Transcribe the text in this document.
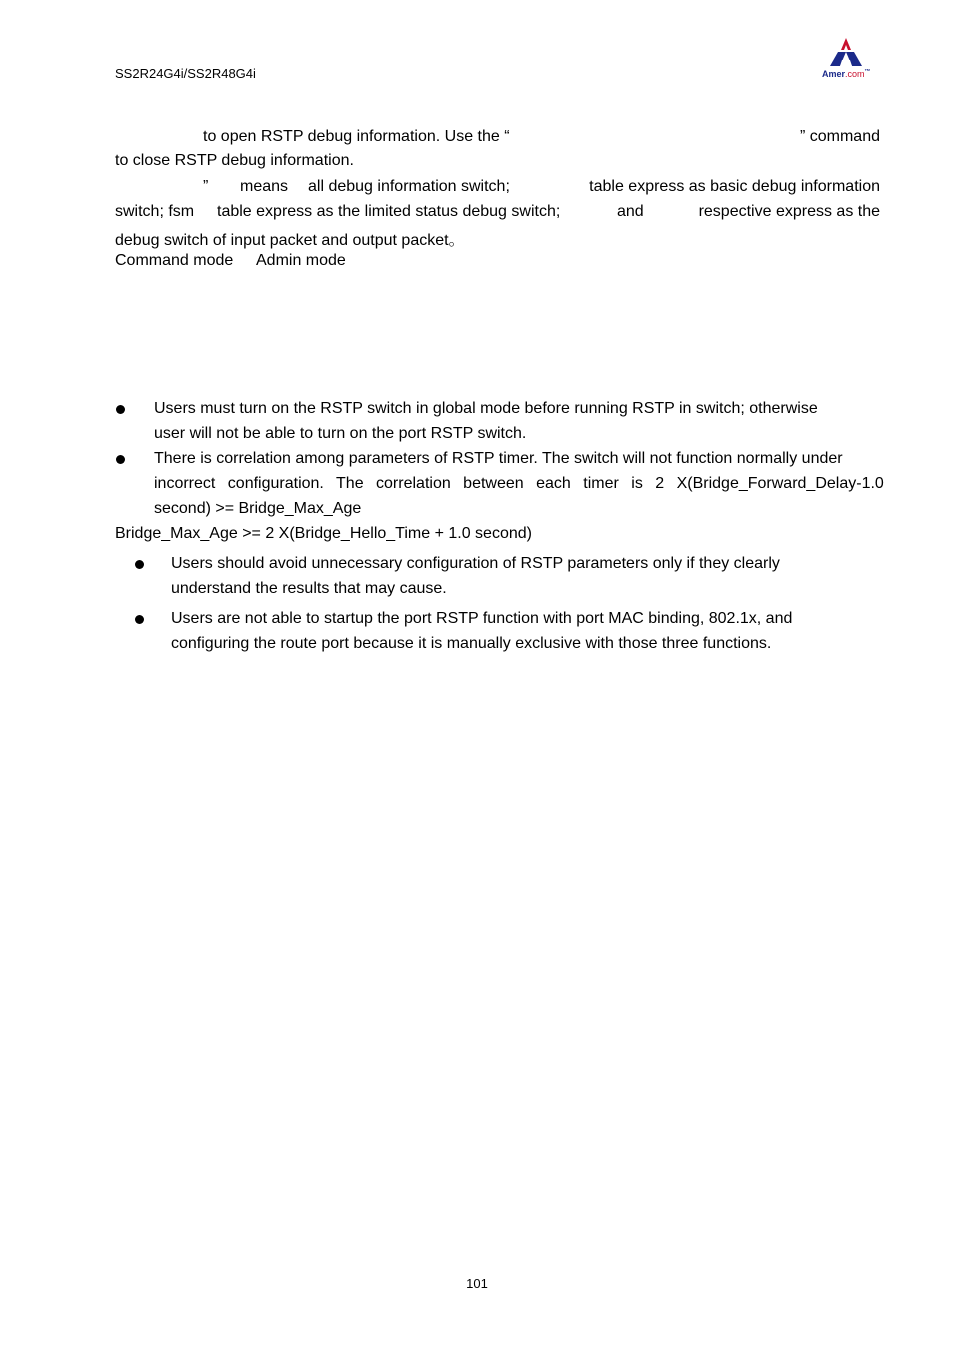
SS2R24G4i/SS2R48G4i	Amer.com™
to open RSTP debug information. Use the “	” command
to close RSTP debug information.
” means all debug information switch;	table express as basic debug information
switch; fsm table express as the limited status debug switch;	and	respective express as the
debug switch of input packet and output packet。
Command mode Admin mode
Users must turn on the RSTP switch in global mode before running RSTP in switch; otherwise
user will not be able to turn on the port RSTP switch.
There is correlation among parameters of RSTP timer. The switch will not function normally under
incorrect configuration. The correlation between each timer is 2 X(Bridge_Forward_Delay-1.0
second) >= Bridge_Max_Age
Bridge_Max_Age >= 2 X(Bridge_Hello_Time + 1.0 second)
Users should avoid unnecessary configuration of RSTP parameters only if they clearly
understand the results that may cause.
Users are not able to startup the port RSTP function with port MAC binding, 802.1x, and
configuring the route port because it is manually exclusive with those three functions.
101
